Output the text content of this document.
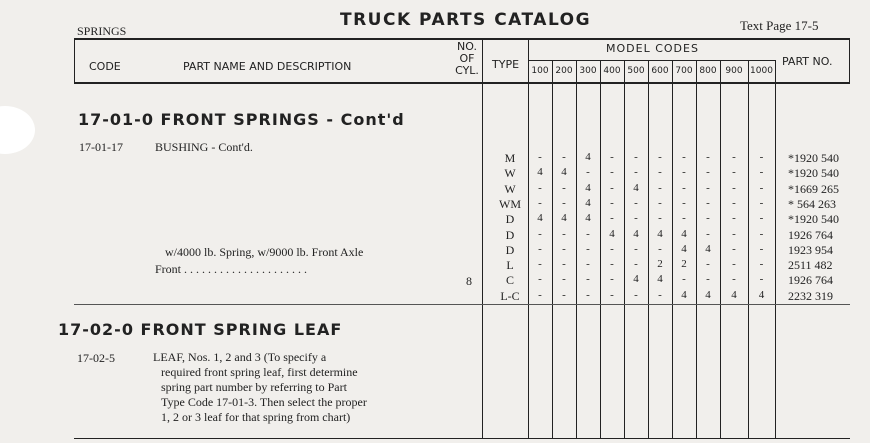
SPRINGS
TRUCK PARTS CATALOG	Text Page 17-5
CODE	PART NAME AND DESCRIPTION
NO.
OF
CYL. TYPE
MODEL CODES
PART NO.
100 200 300 400 500 600 700 800 900 1000
17-01-0 FRONT SPRINGS - Cont'd
17-01-17	BUSHING - Cont'd.
w/4000 lb. Spring, w/9000 lb. Front Axle
Front . . . . . . . . . . . . . . . . . . . . .
8
M	-	-	4	-	-	-	-	-	-	-	*1920 540
W	4	4	-	-	-	-	-	-	-	-	*1920 540
W	-	-	4	-	4	-	-	-	-	-	*1669 265
WM	-	-	4	-	-	-	-	-	-	-	* 564 263
D	4	4	4	-	-	-	-	-	-	-	*1920 540
D	-	-	-	4	4	4	4	-	-	-	1926 764
D	-	-	-	-	-	-	4	4	-	-	1923 954
L	-	-	-	-	-	2	2	-	-	-	2511 482
C	-	-	-	-	4	4	-	-	-	-	1926 764
L-C	-	-	-	-	-	-	4	4	4	4	2232 319
17-02-0 FRONT SPRING LEAF
17-02-5	LEAF, Nos. 1, 2 and 3 (To specify a
required front spring leaf, first determine
spring part number by referring to Part
Type Code 17-01-3. Then select the proper
1, 2 or 3 leaf for that spring from chart)
